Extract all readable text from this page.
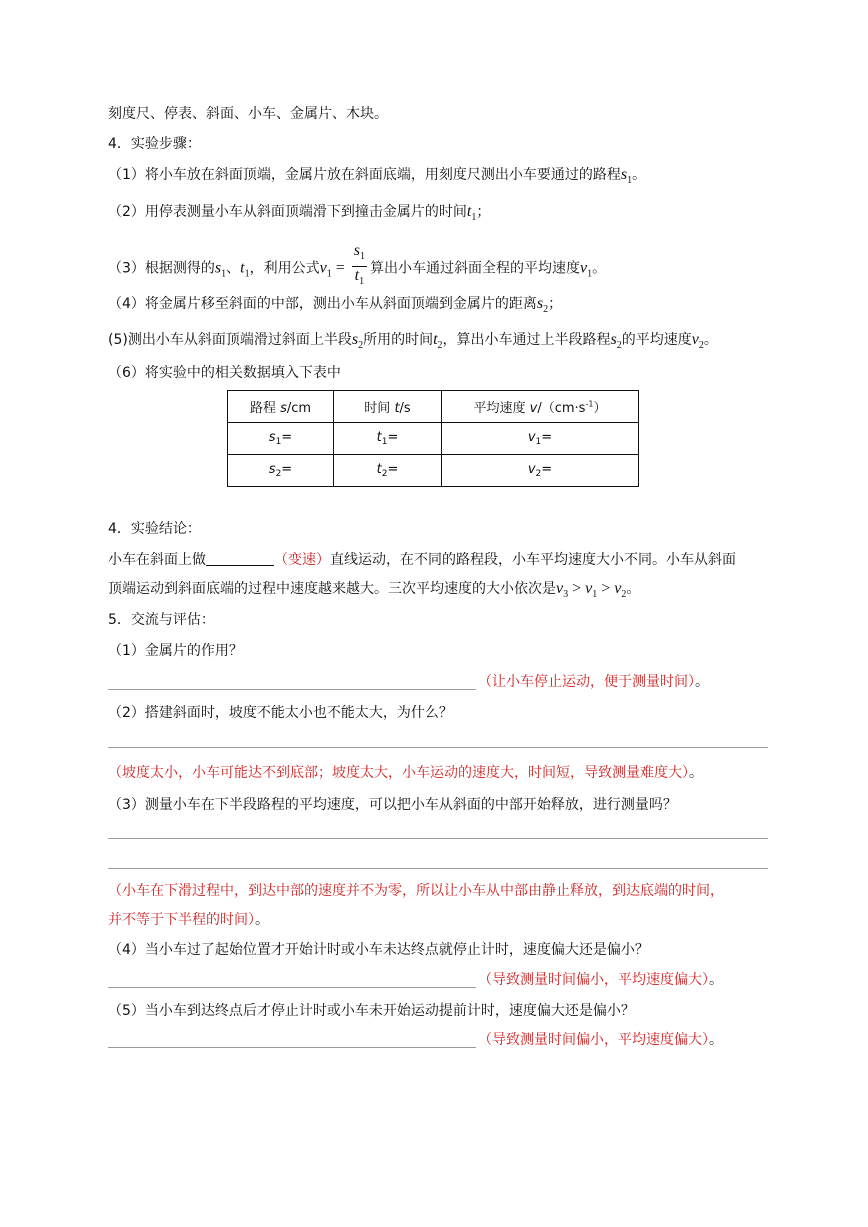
刻度尺、停表、斜面、小车、金属片、木块。
4．实验步骤：
（1）将小车放在斜面顶端，金属片放在斜面底端，用刻度尺测出小车要通过的路程$s_1$。
（2）用停表测量小车从斜面顶端滑下到撞击金属片的时间$t_1$；
（3）根据测得的$s_1$、$t_1$，利用公式$v_1 = \frac{s_1}{t_1}$ 算出小车通过斜面全程的平均速度$v_1$。
（4）将金属片移至斜面的中部，测出小车从斜面顶端到金属片的距离$s_2$；
(5)测出小车从斜面顶端滑过斜面上半段$s_2$所用的时间$t_2$，算出小车通过上半段路程$s_2$的平均速度$v_2$。
（6）将实验中的相关数据填入下表中
路程 s/cm	时间 t/s	平均速度 $v/(cm\cdot s^{-1})$
$s_1=$	$t_1=$	$v_1=$
$s_2=$	$t_2=$	$v_2=$
4．实验结论：
小车在斜面上做	（变速）直线运动，在不同的路程段，小车平均速度大小不同。小车从斜面
顶端运动到斜面底端的过程中速度越来越大。三次平均速度的大小依次是$v_3 > v_1 > v_2$。
5．交流与评估：
（1）金属片的作用？
（让小车停止运动，便于测量时间）。
（2）搭建斜面时，坡度不能太小也不能太大，为什么？
（坡度太小，小车可能达不到底部；坡度太大，小车运动的速度大，时间短，导致测量难度大）。
（3）测量小车在下半段路程的平均速度，可以把小车从斜面的中部开始释放，进行测量吗？
（小车在下滑过程中，到达中部的速度并不为零，所以让小车从中部由静止释放，到达底端的时间，
并不等于下半程的时间）。
（4）当小车过了起始位置才开始计时或小车未达终点就停止计时，速度偏大还是偏小？
（导致测量时间偏小，平均速度偏大）。
（5）当小车到达终点后才停止计时或小车未开始运动提前计时，速度偏大还是偏小？
（导致测量时间偏小，平均速度偏大）。
